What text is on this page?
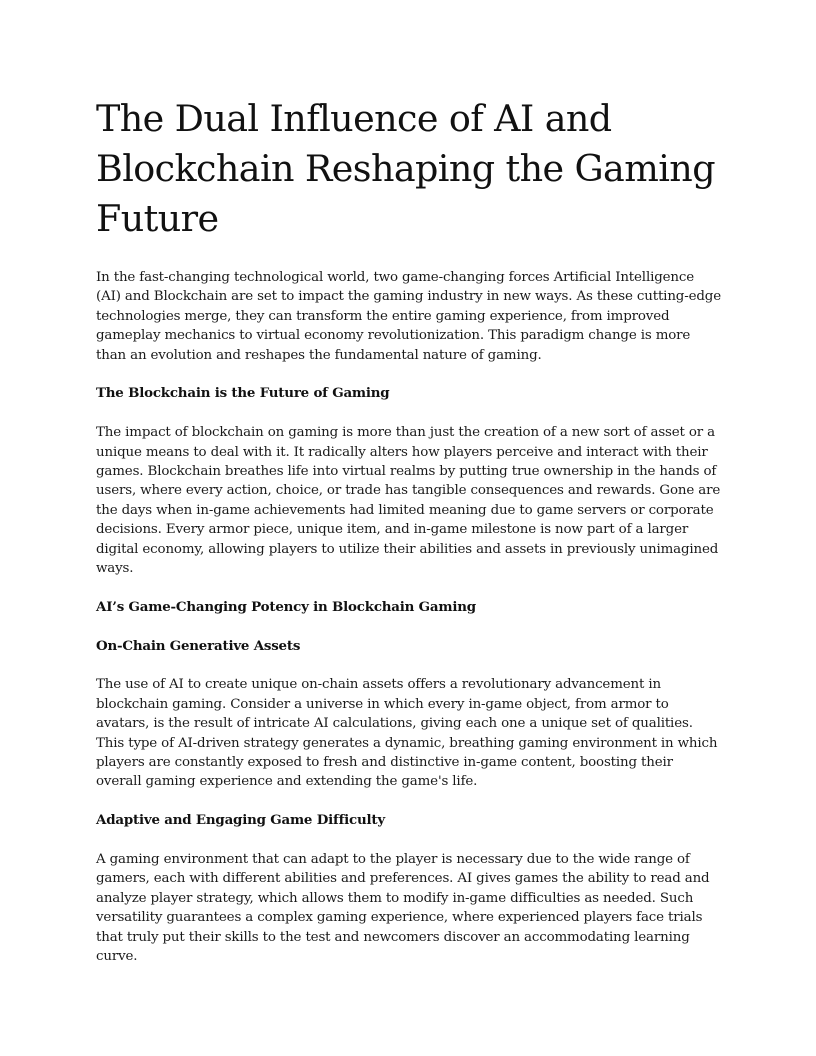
The Dual Influence of AI and Blockchain Reshaping the Gaming Future

In the fast-changing technological world, two game-changing forces Artificial Intelligence (AI) and Blockchain are set to impact the gaming industry in new ways. As these cutting-edge technologies merge, they can transform the entire gaming experience, from improved gameplay mechanics to virtual economy revolutionization. This paradigm change is more than an evolution and reshapes the fundamental nature of gaming.

The Blockchain is the Future of Gaming

The impact of blockchain on gaming is more than just the creation of a new sort of asset or a unique means to deal with it. It radically alters how players perceive and interact with their games. Blockchain breathes life into virtual realms by putting true ownership in the hands of users, where every action, choice, or trade has tangible consequences and rewards. Gone are the days when in-game achievements had limited meaning due to game servers or corporate decisions. Every armor piece, unique item, and in-game milestone is now part of a larger digital economy, allowing players to utilize their abilities and assets in previously unimagined ways.

AI’s Game-Changing Potency in Blockchain Gaming

On-Chain Generative Assets

The use of AI to create unique on-chain assets offers a revolutionary advancement in blockchain gaming. Consider a universe in which every in-game object, from armor to avatars, is the result of intricate AI calculations, giving each one a unique set of qualities. This type of AI-driven strategy generates a dynamic, breathing gaming environment in which players are constantly exposed to fresh and distinctive in-game content, boosting their overall gaming experience and extending the game's life.

Adaptive and Engaging Game Difficulty

A gaming environment that can adapt to the player is necessary due to the wide range of gamers, each with different abilities and preferences. AI gives games the ability to read and analyze player strategy, which allows them to modify in-game difficulties as needed. Such versatility guarantees a complex gaming experience, where experienced players face trials that truly put their skills to the test and newcomers discover an accommodating learning curve.
